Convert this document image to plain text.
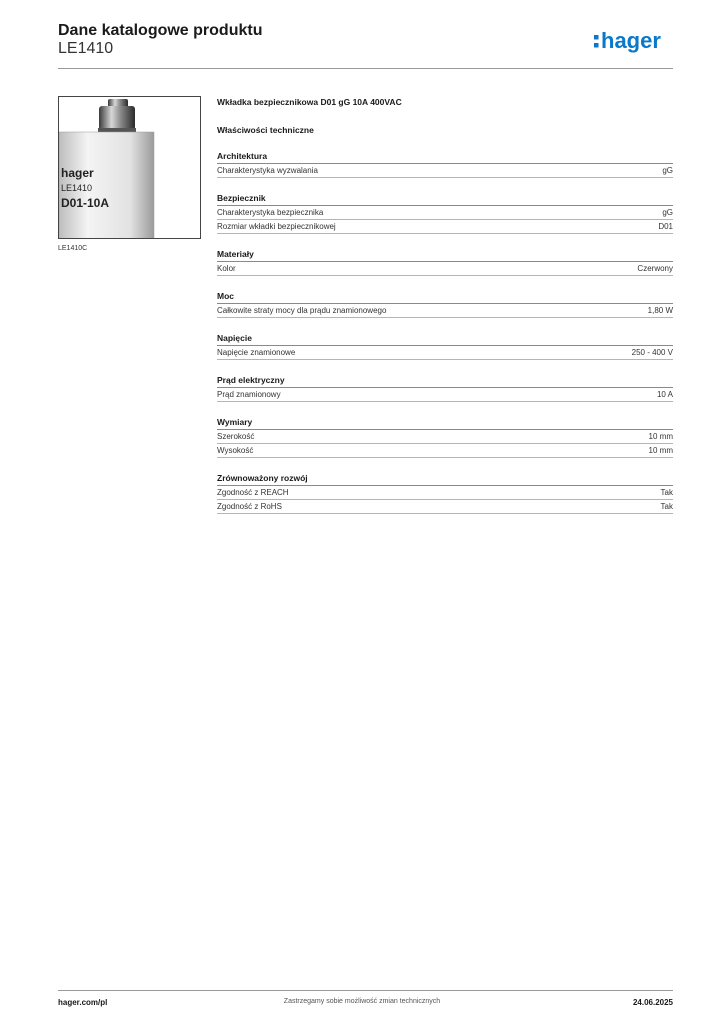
Dane katalogowe produktu
LE1410	hager
hager
LE1410
D01-10A
LE1410C
Wkładka bezpiecznikowa D01 gG 10A 400VAC
Właściwości techniczne
Architektura
Charakterystyka wyzwalania	gG
Bezpiecznik
Charakterystyka bezpiecznika	gG
Rozmiar wkładki bezpiecznikowej	D01
Materiały
Kolor	Czerwony
Moc
Całkowite straty mocy dla prądu znamionowego	1,80 W
Napięcie
Napięcie znamionowe	250 - 400 V
Prąd elektryczny
Prąd znamionowy	10 A
Wymiary
Szerokość	10 mm
Wysokość	10 mm
Zrównoważony rozwój
Zgodność z REACH	Tak
Zgodność z RoHS	Tak
hager.com/pl	Zastrzegamy sobie możliwość zmian technicznych	24.06.2025
